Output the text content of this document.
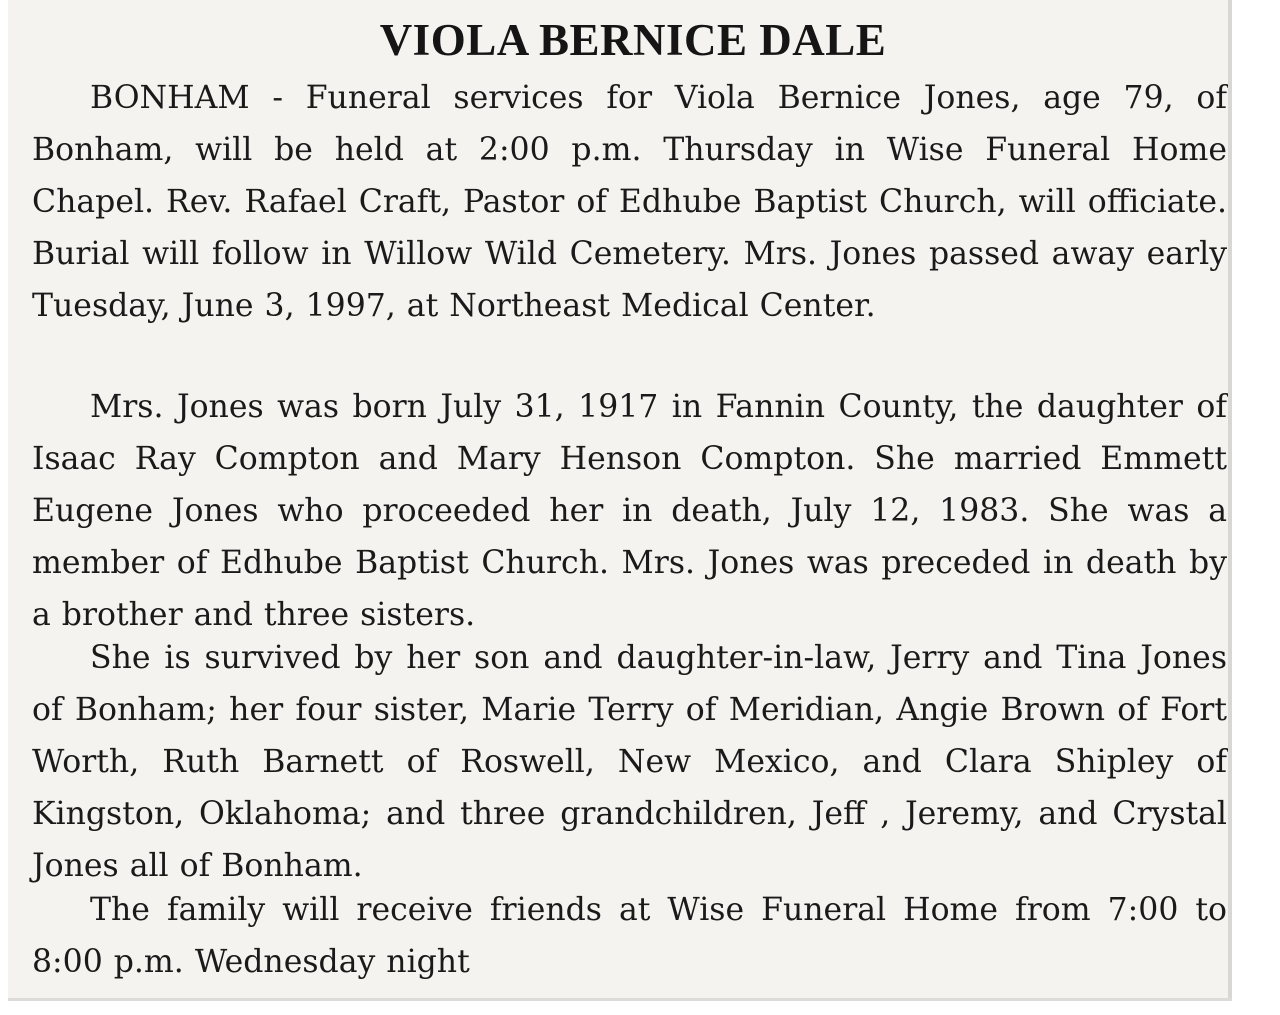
VIOLA BERNICE DALE

BONHAM - Funeral services for Viola Bernice Jones, age 79, of Bonham, will be held at 2:00 p.m. Thursday in Wise Funeral Home Chapel. Rev. Rafael Craft, Pastor of Edhube Baptist Church, will officiate. Burial will follow in Willow Wild Cemetery. Mrs. Jones passed away early Tuesday, June 3, 1997, at Northeast Medical Center.

Mrs. Jones was born July 31, 1917 in Fannin County, the daughter of Isaac Ray Compton and Mary Henson Compton. She married Emmett Eugene Jones who proceeded her in death, July 12, 1983. She was a member of Edhube Baptist Church. Mrs. Jones was preceded in death by a brother and three sisters.

She is survived by her son and daughter-in-law, Jerry and Tina Jones of Bonham; her four sister, Marie Terry of Meridian, Angie Brown of Fort Worth, Ruth Barnett of Roswell, New Mexico, and Clara Shipley of Kingston, Oklahoma; and three grandchildren, Jeff , Jeremy, and Crystal Jones all of Bonham.

The family will receive friends at Wise Funeral Home from 7:00 to 8:00 p.m. Wednesday night
